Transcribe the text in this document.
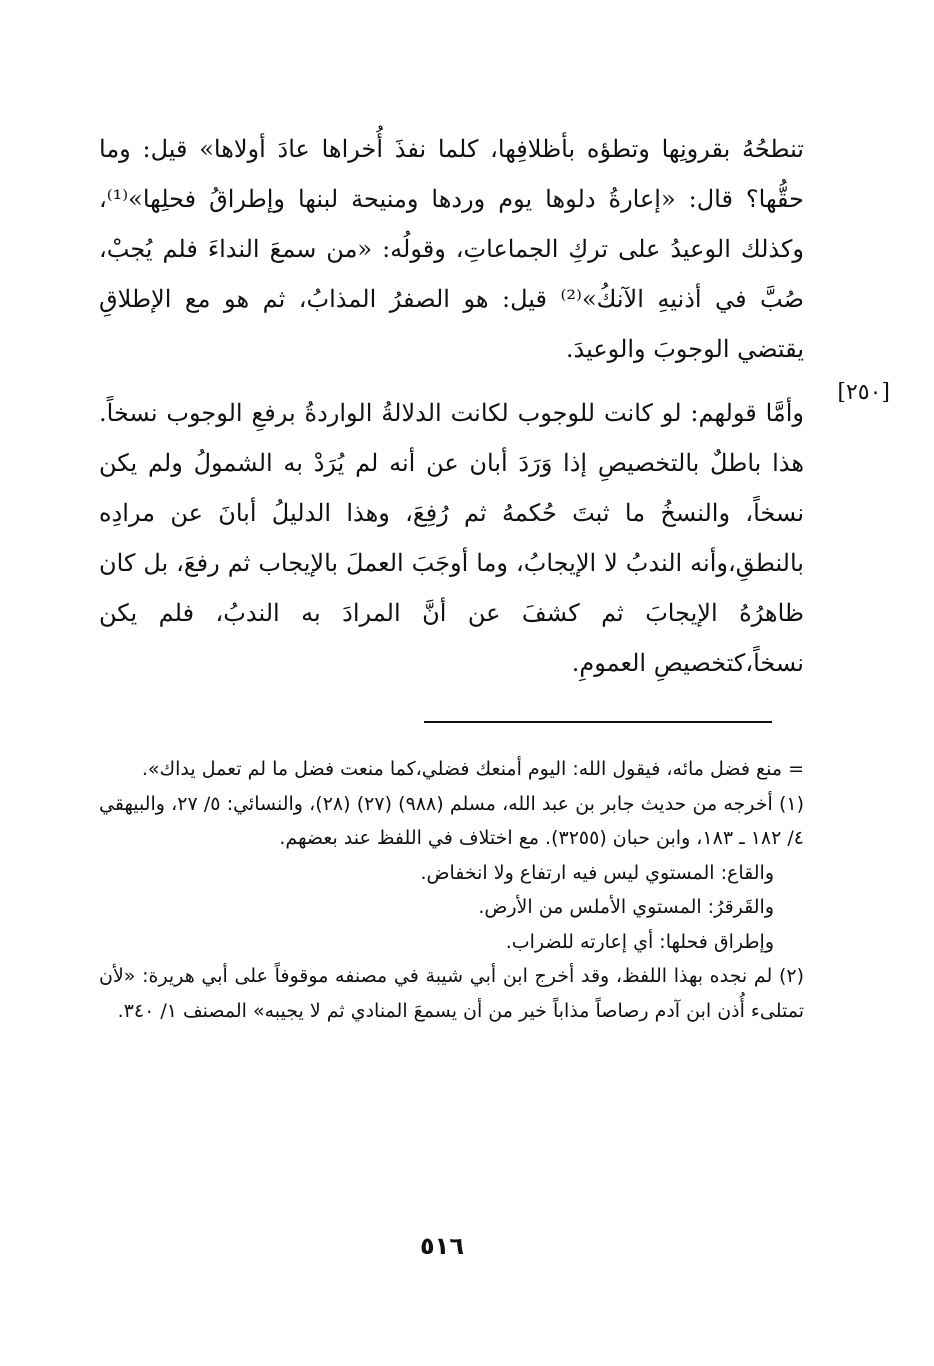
تنطحُهُ بقرونِها وتطؤه بأظلافِها، كلما نفذَ أُخراها عادَ أولاها» قيل: وما حقُّها؟ قال: «إعارةُ دلوها يوم وردها ومنيحة لبنها وإطراقُ فحلِها»⁽¹⁾، وكذلك الوعيدُ على تركِ الجماعاتِ، وقولُه: «من سمعَ النداءَ فلم يُجبْ، صُبَّ في أذنيهِ الآنكُ»⁽²⁾ قيل: هو الصفرُ المذابُ، ثم هو مع الإطلاقِ يقتضي الوجوبَ والوعيدَ.

وأمَّا قولهم: لو كانت للوجوب لكانت الدلالةُ الواردةُ برفعِ الوجوب نسخاً. هذا باطلٌ بالتخصيصِ إذا وَرَدَ أبان عن أنه لم يُرَدْ به الشمولُ ولم يكن نسخاً، والنسخُ ما ثبتَ حُكمهُ ثم رُفِعَ، وهذا الدليلُ أبانَ عن مرادِه بالنطقِ،وأنه الندبُ لا الإيجابُ، وما أوجَبَ العملَ بالإيجاب ثم رفعَ، بل كان ظاهرُهُ الإيجابَ ثم كشفَ عن أنَّ المرادَ به الندبُ، فلم يكن نسخاً،كتخصيصِ العمومِ.

[٢٥٠]

= منع فضل مائه، فيقول الله: اليوم أمنعك فضلي،كما منعت فضل ما لم تعمل يداك».

(١) أخرجه من حديث جابر بن عبد الله، مسلم (٩٨٨) (٢٧) (٢٨)، والنسائي: ٥/ ٢٧، والبيهقي ٤/ ١٨٢ ـ ١٨٣، وابن حبان (٣٢٥٥). مع اختلاف في اللفظ عند بعضهم.

والقاع: المستوي ليس فيه ارتفاع ولا انخفاض.

والقَرقرُ: المستوي الأملس من الأرض.

وإطراق فحلها: أي إعارته للضراب.

(٢) لم نجده بهذا اللفظ، وقد أخرج ابن أبي شيبة في مصنفه موقوفاً على أبي هريرة: «لأن تمتلىء أُذن ابن آدم رصاصاً مذاباً خير من أن يسمعَ المنادي ثم لا يجيبه» المصنف ١/ ٣٤٠.

٥١٦
